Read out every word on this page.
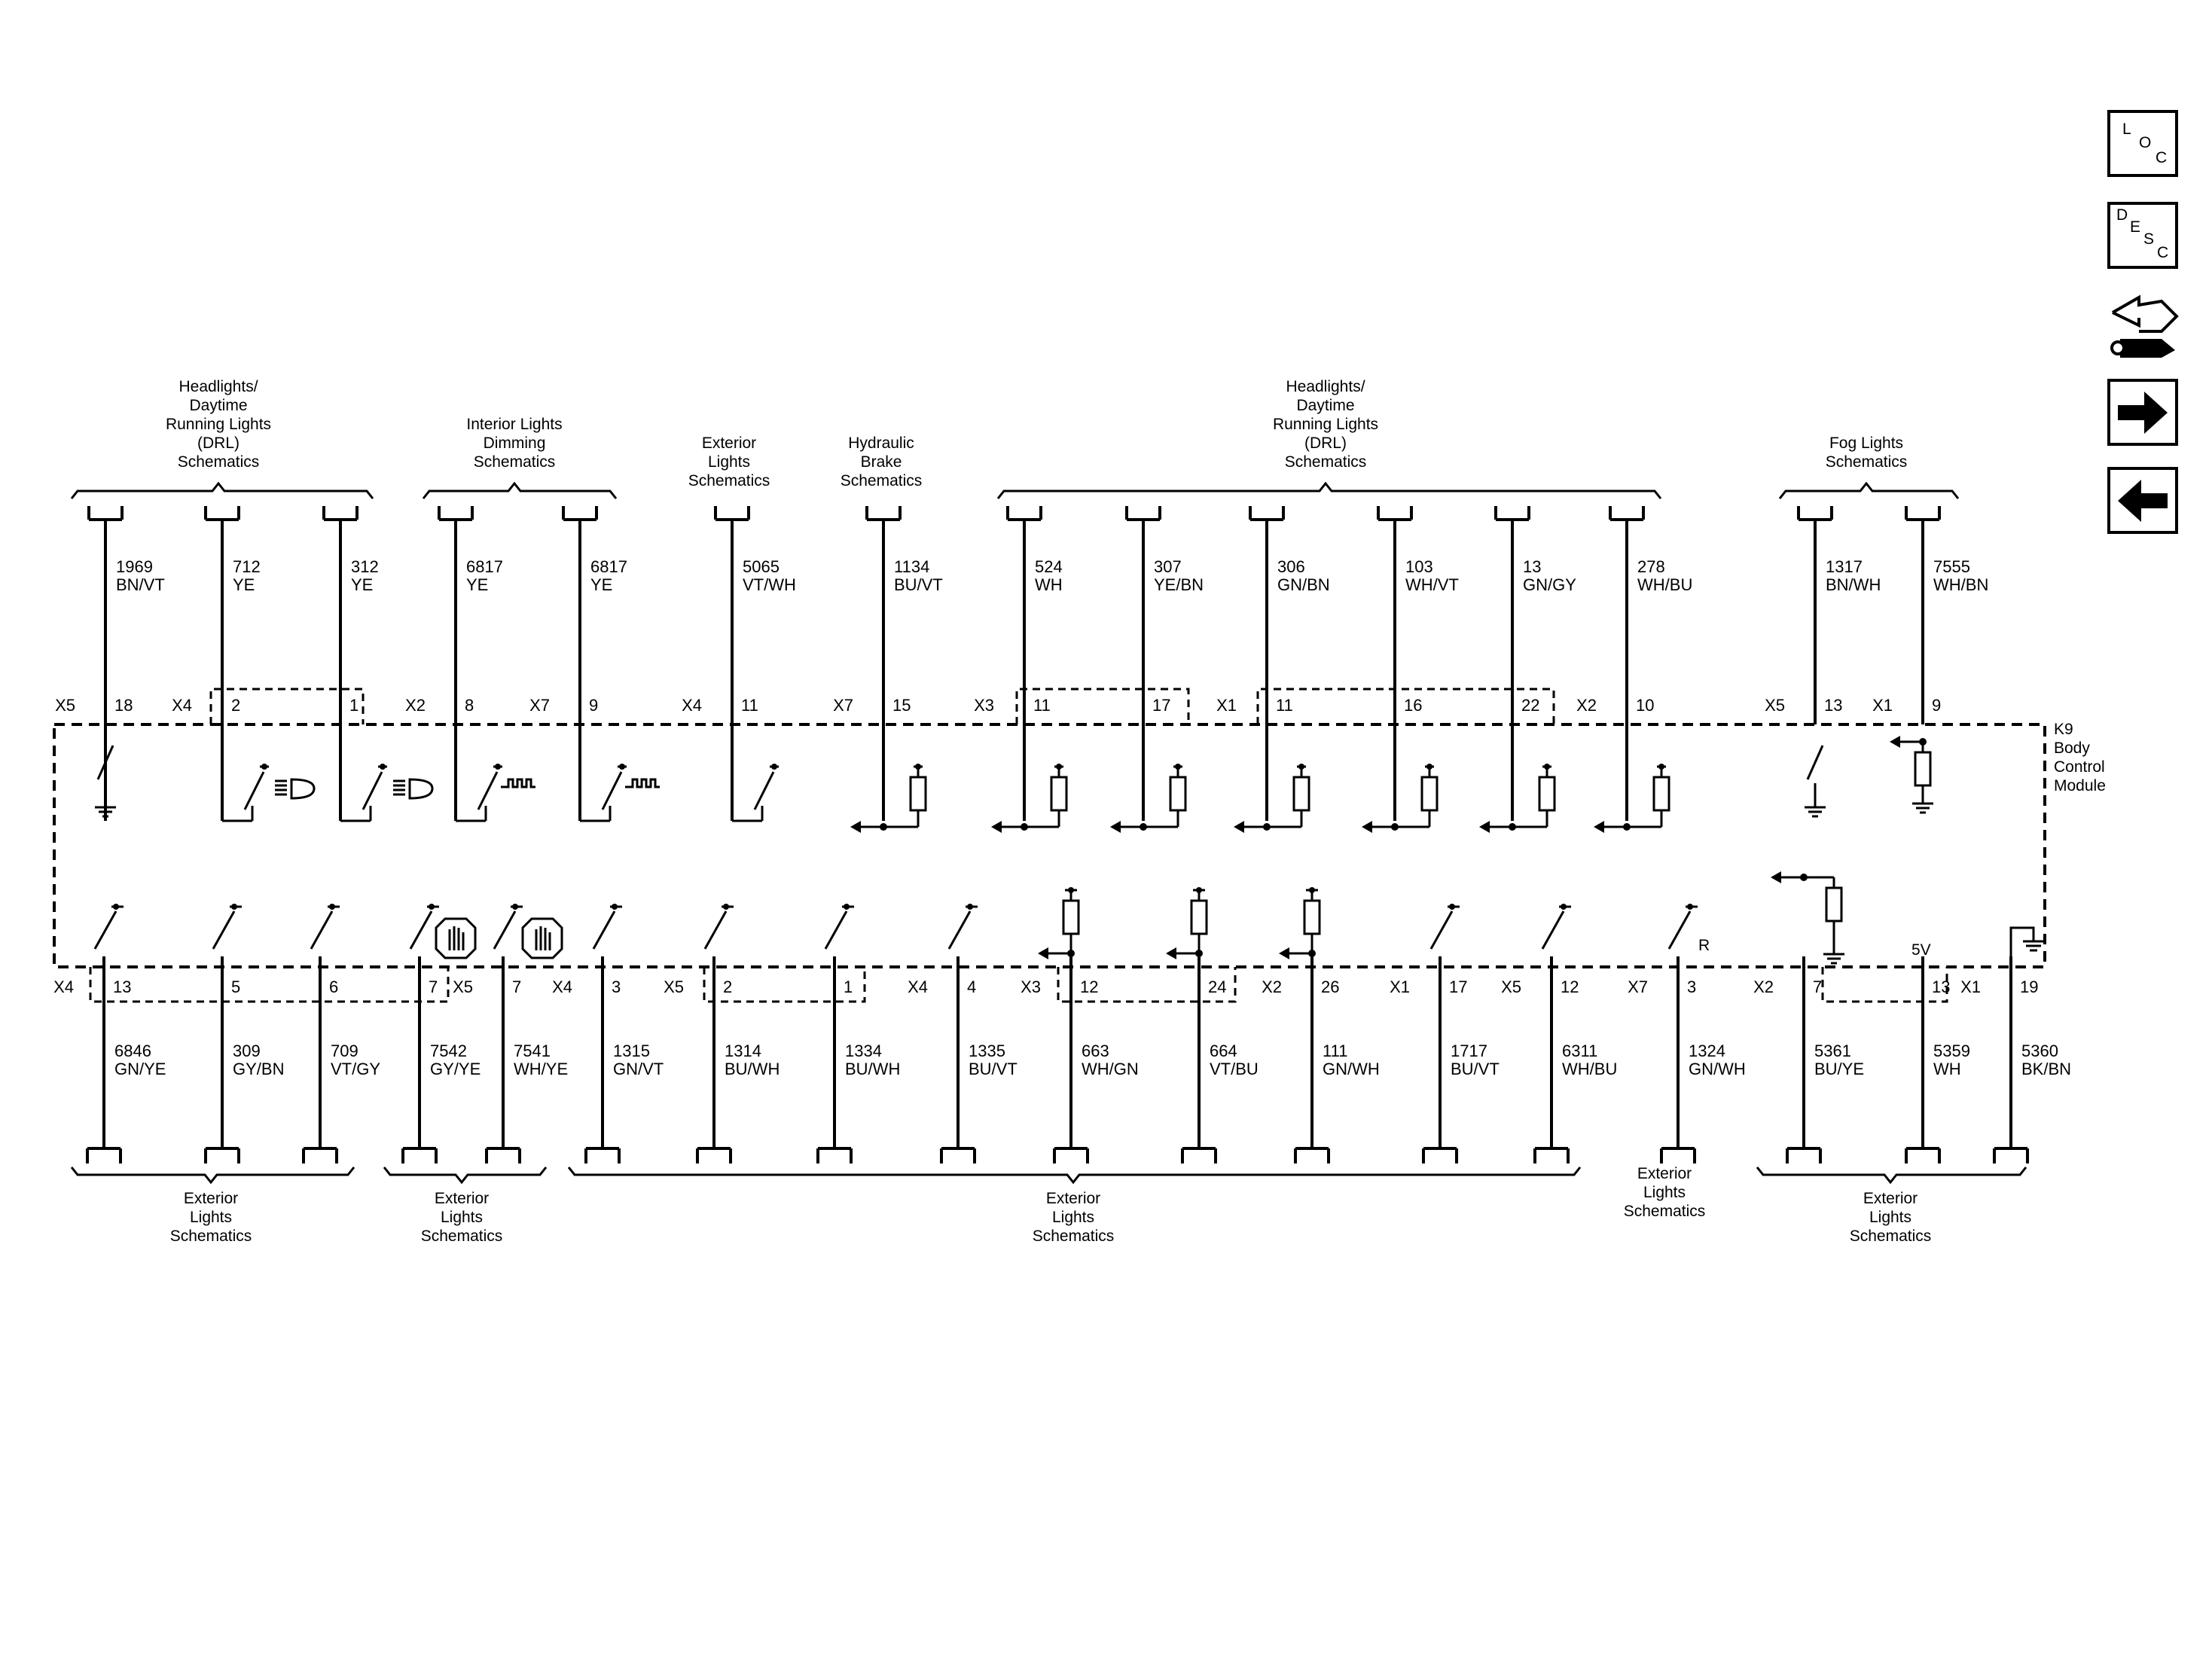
L
O
C
D
E
S
C
K9
Body
Control
Module
Headlights/
Daytime
Running Lights
(DRL)
Schematics
Interior Lights
Dimming
Schematics
Exterior
Lights
Schematics
Hydraulic
Brake
Schematics
Headlights/
Daytime
Running Lights
(DRL)
Schematics
Fog Lights
Schematics
Exterior
Lights
Schematics
Exterior
Lights
Schematics
Exterior
Lights
Schematics
Exterior
Lights
Schematics
Exterior
Lights
Schematics
1969
BN/VT
X5 18
712
YE
X4 2
312
YE
1
6817
YE
X2 8
6817
YE
X7 9
5065
VT/WH
X4 11
1134
BU/VT
X7 15
524
WH
X3 11
307
YE/BN
17
306
GN/BN
X1 11
103
WH/VT
16
13
GN/GY
22
278
WH/BU
X2 10
1317
BN/WH
X5 13
7555
WH/BN
X1 9
6846
GN/YE
X4 13
309
GY/BN
5
709
VT/GY
6
7542
GY/YE
7
7541
WH/YE
X5 7
1315
GN/VT
X4 3
1314
BU/WH
X5 2
1334
BU/WH
1
1335
BU/VT
X4 4
663
WH/GN
X3 12
664
VT/BU
24
111
GN/WH
X2 26
1717
BU/VT
X1 17
6311
WH/BU
X5 12
1324
GN/WH
X7 3
5361
BU/YE
X2 7
5359
WH
13
5360
BK/BN
X1 19
R	5V
